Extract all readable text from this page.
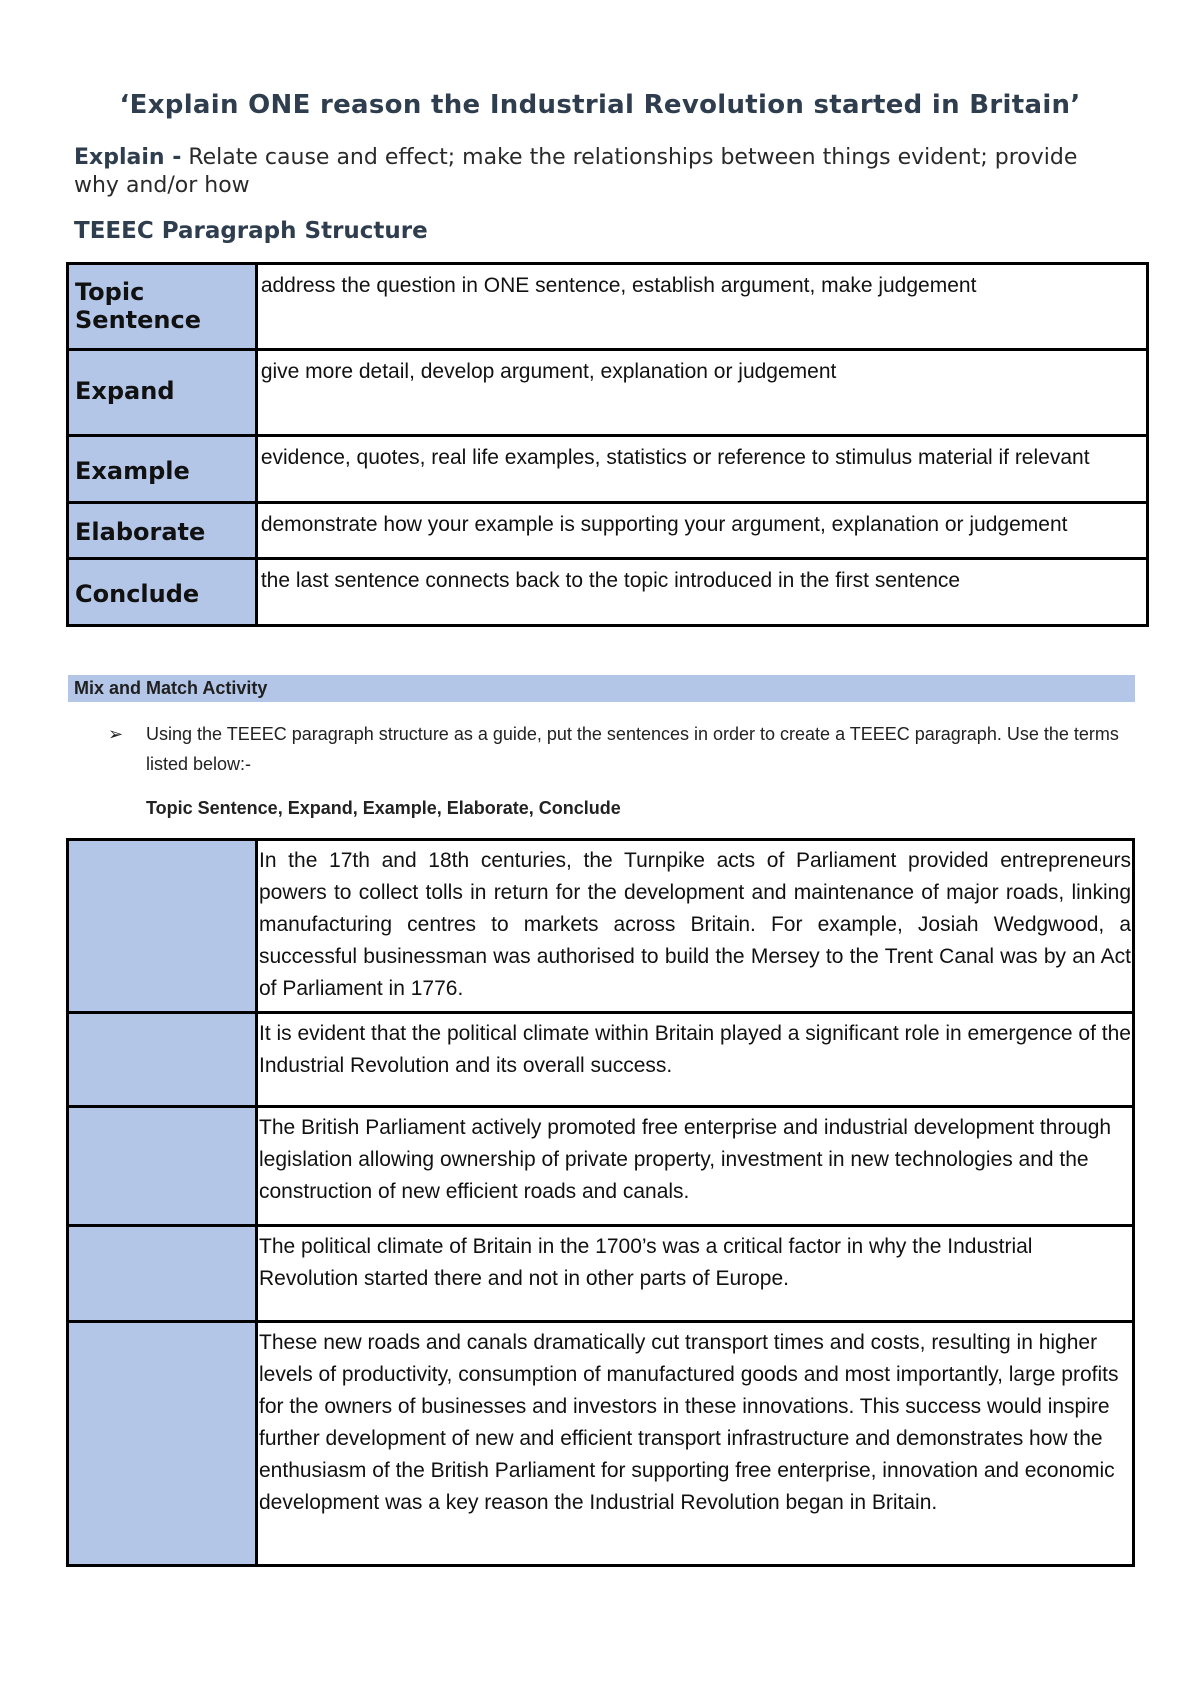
‘Explain ONE reason the Industrial Revolution started in Britain’
Explain - Relate cause and effect; make the relationships between things evident; provide why and/or how
TEEEC Paragraph Structure
Topic Sentence	address the question in ONE sentence, establish argument, make judgement

Expand	give more detail, develop argument, explanation or judgement

Example	evidence, quotes, real life examples, statistics or reference to stimulus material if relevant

Elaborate	demonstrate how your example is supporting your argument, explanation or judgement

Conclude	the last sentence connects back to the topic introduced in the first sentence
Mix and Match Activity
➢ Using the TEEEC paragraph structure as a guide, put the sentences in order to create a TEEEC paragraph. Use the terms listed below:-
Topic Sentence, Expand, Example, Elaborate, Conclude

	In the 17th and 18th centuries, the Turnpike acts of Parliament provided entrepreneurs powers to collect tolls in return for the development and maintenance of major roads, linking manufacturing centres to markets across Britain. For example, Josiah Wedgwood, a successful businessman was authorised to build the Mersey to the Trent Canal was by an Act of Parliament in 1776.

	It is evident that the political climate within Britain played a significant role in emergence of the Industrial Revolution and its overall success.

	The British Parliament actively promoted free enterprise and industrial development through legislation allowing ownership of private property, investment in new technologies and the construction of new efficient roads and canals.

	The political climate of Britain in the 1700’s was a critical factor in why the Industrial Revolution started there and not in other parts of Europe.

	These new roads and canals dramatically cut transport times and costs, resulting in higher levels of productivity, consumption of manufactured goods and most importantly, large profits for the owners of businesses and investors in these innovations. This success would inspire further development of new and efficient transport infrastructure and demonstrates how the enthusiasm of the British Parliament for supporting free enterprise, innovation and economic development was a key reason the Industrial Revolution began in Britain.
